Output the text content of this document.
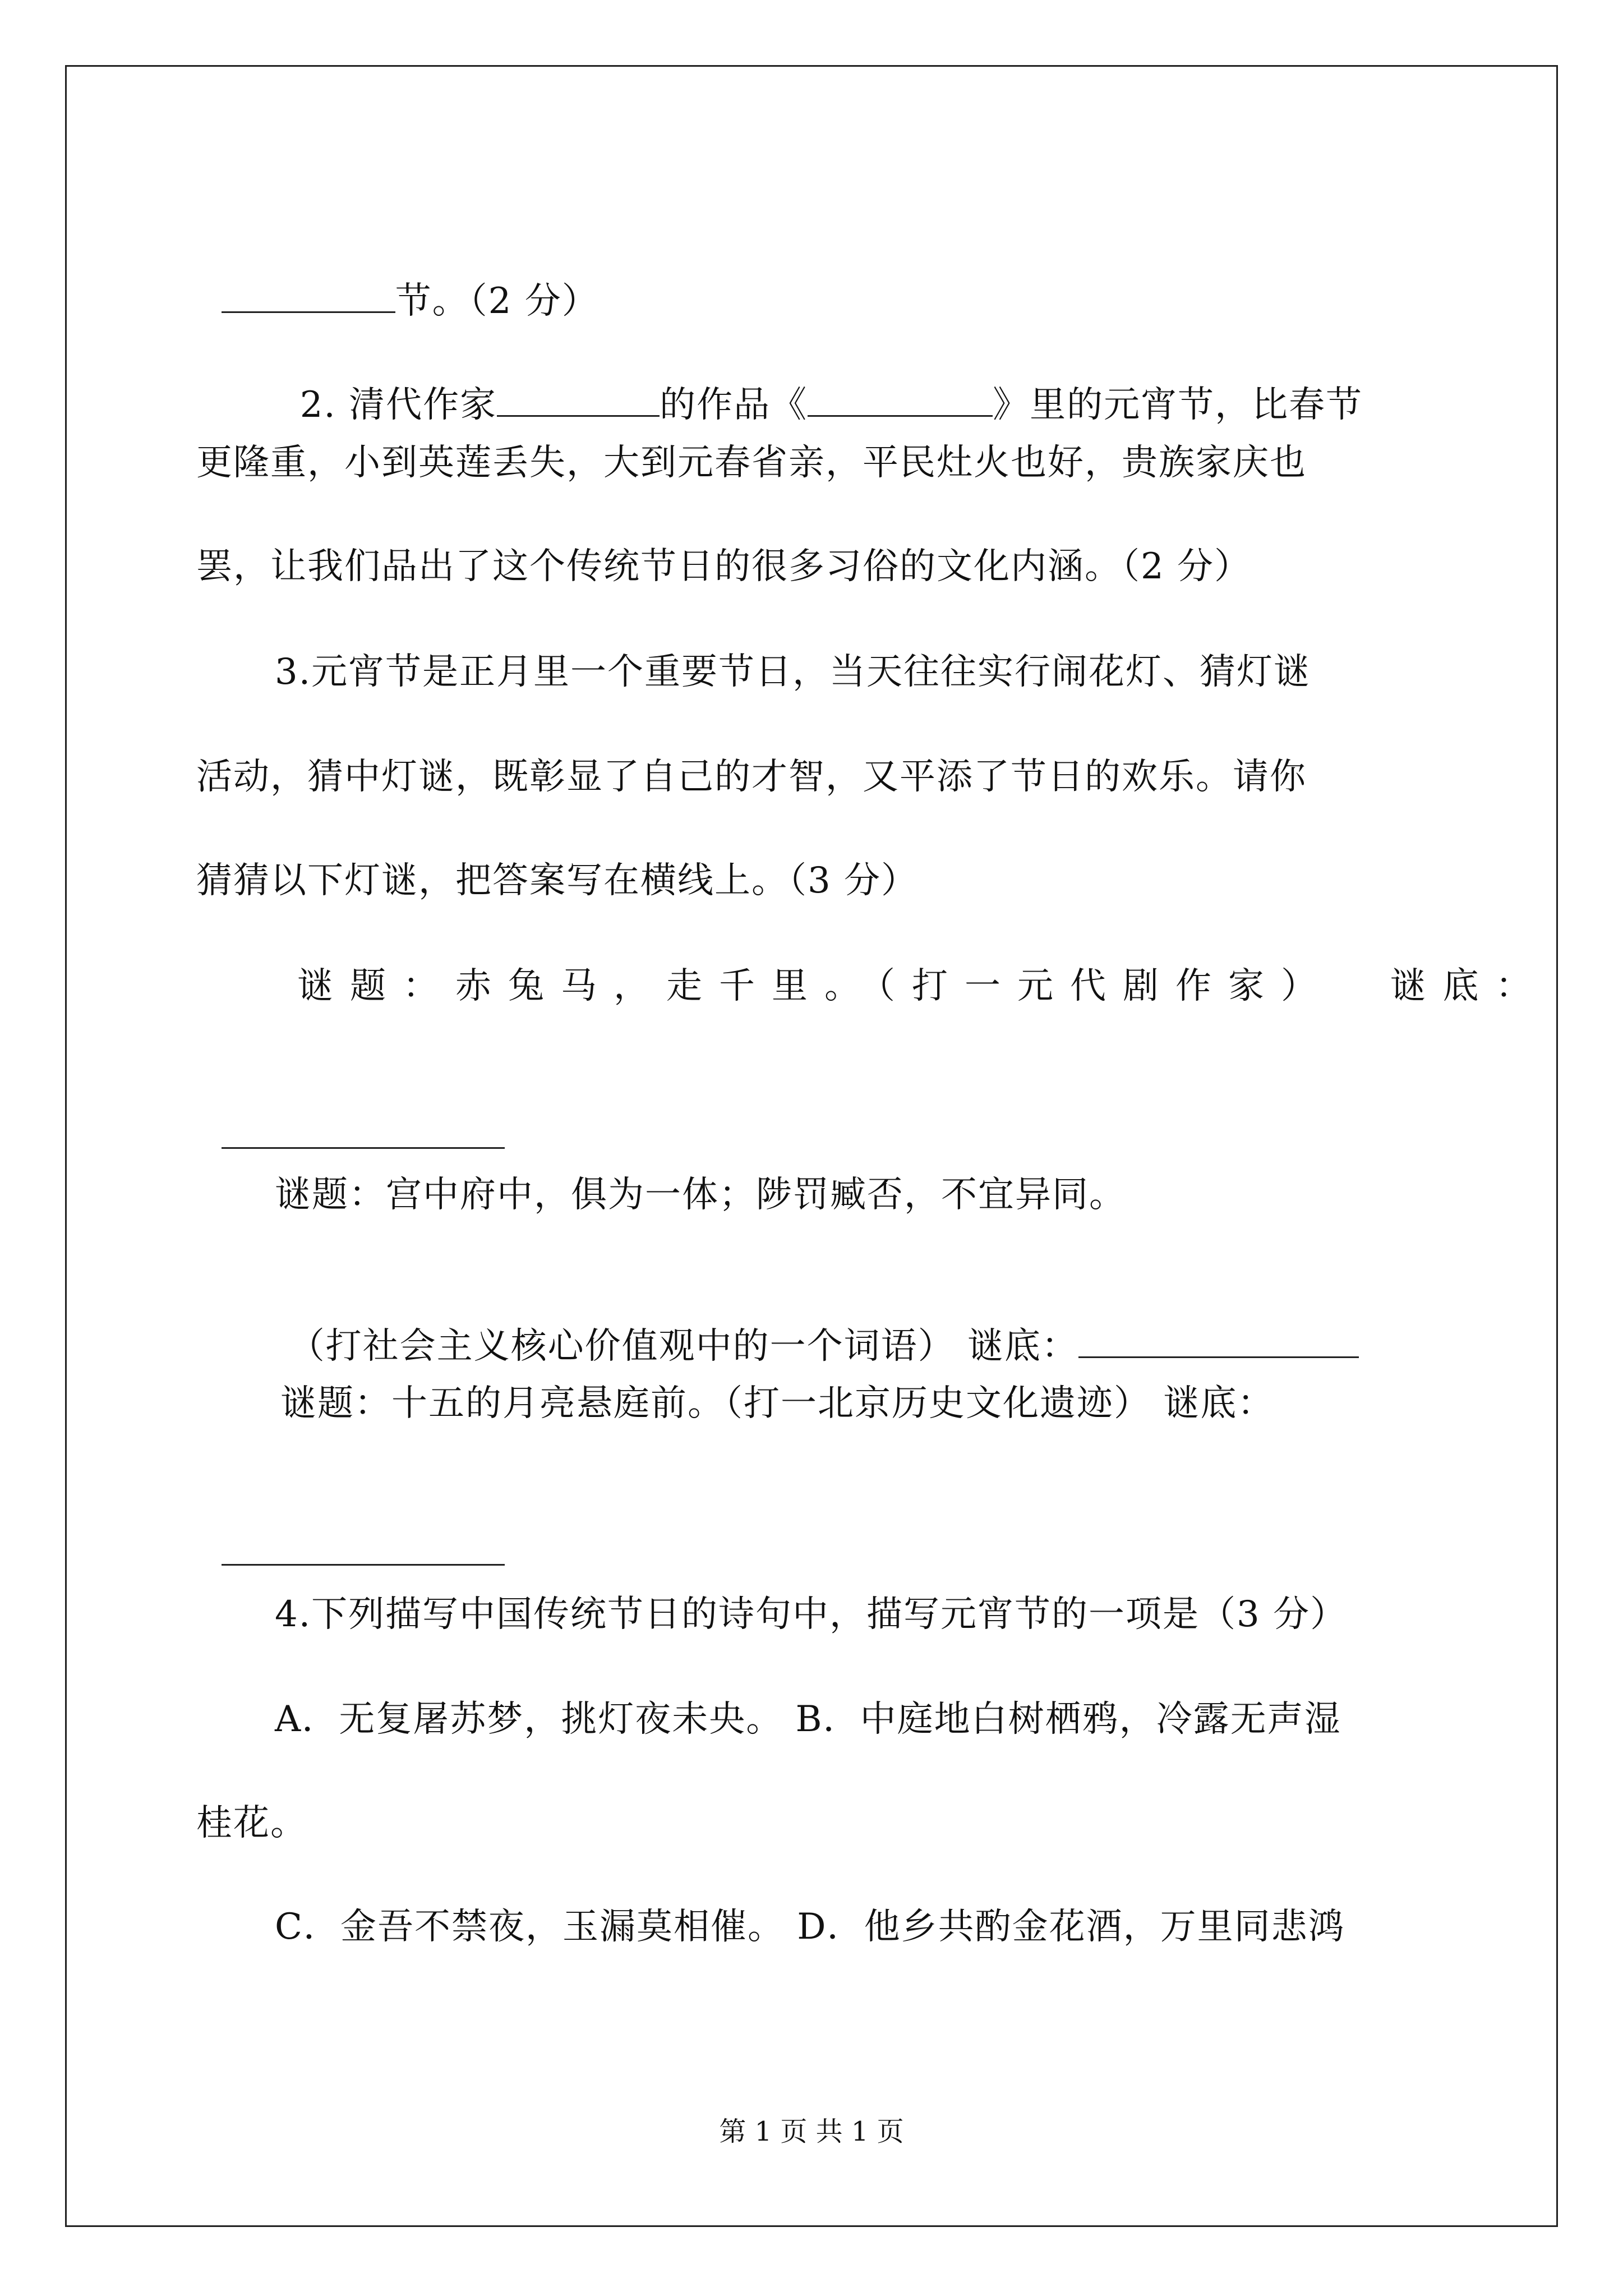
节。（2 分）

2. 清代作家	的作品《	》里的元宵节，比春节

更隆重，小到英莲丢失，大到元春省亲，平民灶火也好，贵族家庆也
罢，让我们品出了这个传统节日的很多习俗的文化内涵。（2 分）
3.元宵节是正月里一个重要节日，当天往往实行闹花灯、猜灯谜
活动，猜中灯谜，既彰显了自己的才智，又平添了节日的欢乐。请你
猜猜以下灯谜，把答案写在横线上。（3 分）
谜题：赤兔马，走千里。（打一元代剧作家）  谜底：

谜题：宫中府中，俱为一体；陟罚臧否，不宜异同。

（打社会主义核心价值观中的一个词语） 谜底：

谜题：十五的月亮悬庭前。（打一北京历史文化遗迹） 谜底：

4.下列描写中国传统节日的诗句中，描写元宵节的一项是（3 分）
A．无复屠苏梦，挑灯夜未央。 B．中庭地白树栖鸦，冷露无声湿
桂花。
C．金吾不禁夜，玉漏莫相催。 D．他乡共酌金花酒，万里同悲鸿
第 1 页 共 1 页
